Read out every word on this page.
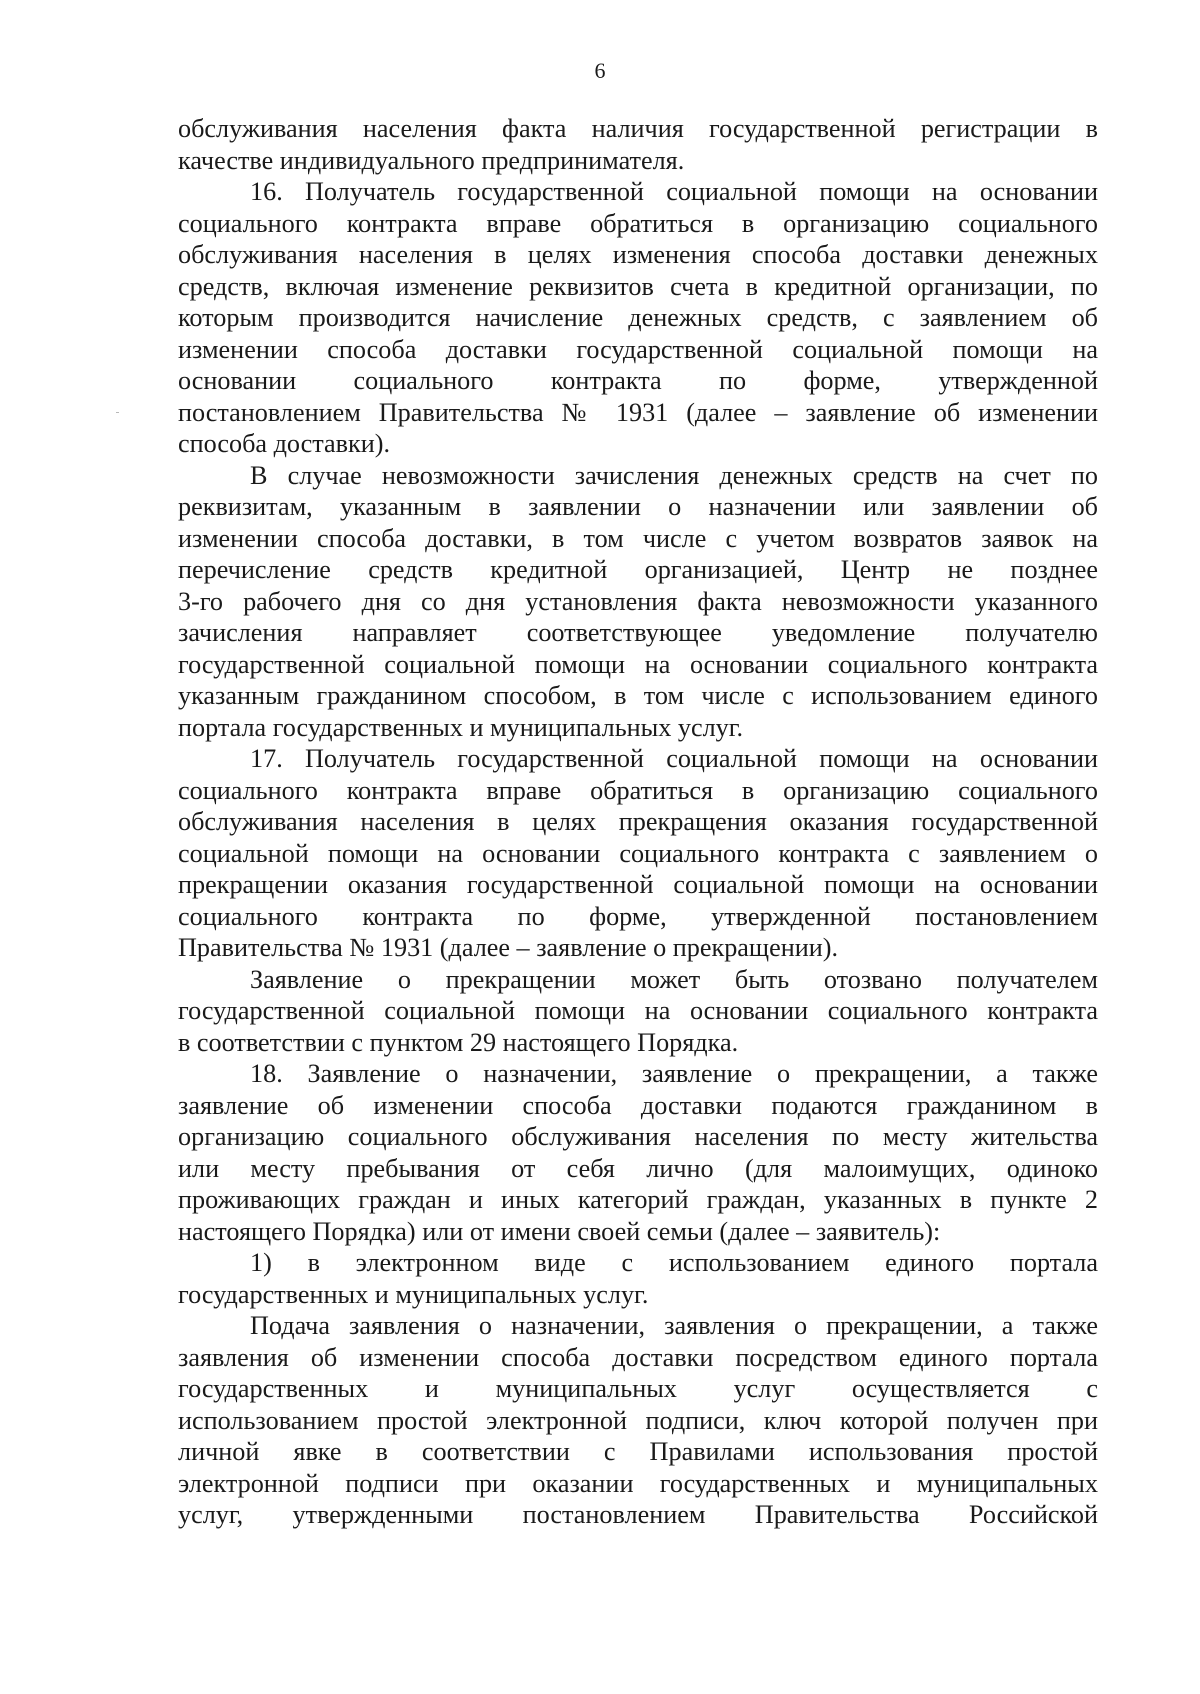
6
обслуживания населения факта наличия государственной регистрации в
качестве индивидуального предпринимателя.
16. Получатель государственной социальной помощи на основании
социального контракта вправе обратиться в организацию социального
обслуживания населения в целях изменения способа доставки денежных
средств, включая изменение реквизитов счета в кредитной организации, по
которым производится начисление денежных средств, с заявлением об
изменении способа доставки государственной социальной помощи на
основании социального контракта по форме, утвержденной
постановлением Правительства № 1931 (далее – заявление об изменении
способа доставки).
В случае невозможности зачисления денежных средств на счет по
реквизитам, указанным в заявлении о назначении или заявлении об
изменении способа доставки, в том числе с учетом возвратов заявок на
перечисление средств кредитной организацией, Центр не позднее
3-го рабочего дня со дня установления факта невозможности указанного
зачисления направляет соответствующее уведомление получателю
государственной социальной помощи на основании социального контракта
указанным гражданином способом, в том числе с использованием единого
портала государственных и муниципальных услуг.
17. Получатель государственной социальной помощи на основании
социального контракта вправе обратиться в организацию социального
обслуживания населения в целях прекращения оказания государственной
социальной помощи на основании социального контракта с заявлением о
прекращении оказания государственной социальной помощи на основании
социального контракта по форме, утвержденной постановлением
Правительства № 1931 (далее – заявление о прекращении).
Заявление о прекращении может быть отозвано получателем
государственной социальной помощи на основании социального контракта
в соответствии с пунктом 29 настоящего Порядка.
18. Заявление о назначении, заявление о прекращении, а также
заявление об изменении способа доставки подаются гражданином в
организацию социального обслуживания населения по месту жительства
или месту пребывания от себя лично (для малоимущих, одиноко
проживающих граждан и иных категорий граждан, указанных в пункте 2
настоящего Порядка) или от имени своей семьи (далее – заявитель):
1) в электронном виде с использованием единого портала
государственных и муниципальных услуг.
Подача заявления о назначении, заявления о прекращении, а также
заявления об изменении способа доставки посредством единого портала
государственных и муниципальных услуг осуществляется с
использованием простой электронной подписи, ключ которой получен при
личной явке в соответствии с Правилами использования простой
электронной подписи при оказании государственных и муниципальных
услуг, утвержденными постановлением Правительства Российской
